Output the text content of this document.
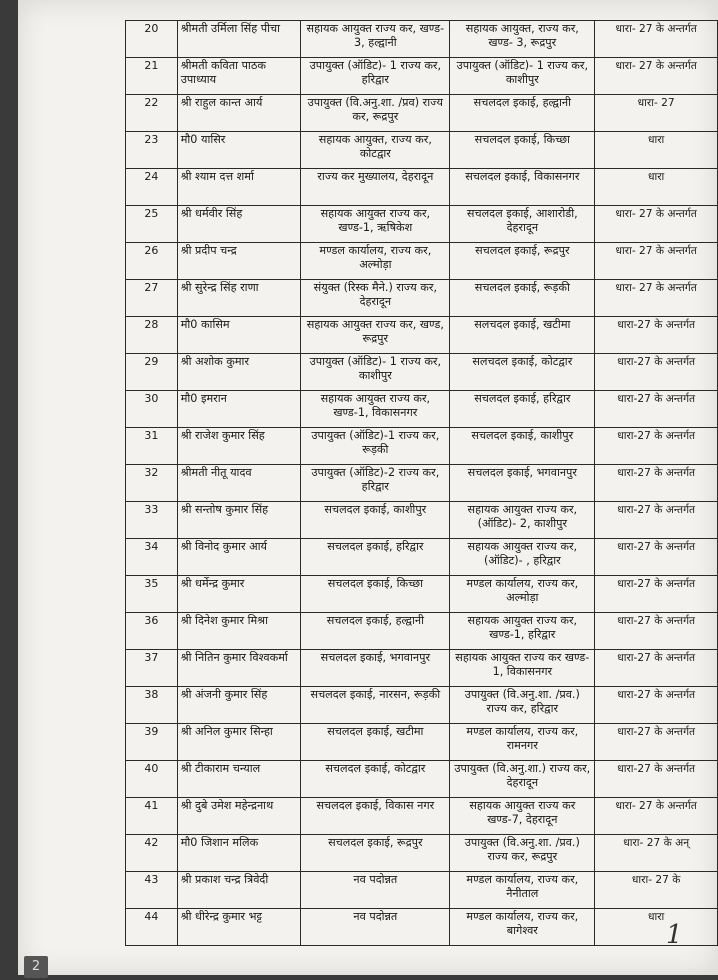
20	श्रीमती उर्मिला सिंह पीचा	सहायक आयुक्त राज्य कर, खण्ड- 3, हल्द्वानी	सहायक आयुक्त, राज्य कर, खण्ड- 3, रूद्रपुर	धारा- 27 के अन्तर्गत
21	श्रीमती कविता पाठक उपाध्याय	उपायुक्त (ऑडिट)- 1 राज्य कर, हरिद्वार	उपायुक्त (ऑडिट)- 1 राज्य कर, काशीपुर	धारा- 27 के अन्तर्गत
22	श्री राहुल कान्त आर्य	उपायुक्त (वि.अनु.शा. /प्रव) राज्य कर, रूद्रपुर	सचलदल इकाई, हल्द्वानी	धारा- 27
23	मौ0 यासिर	सहायक आयुक्त, राज्य कर, कोटद्वार	सचलदल इकाई, किच्छा	धारा
24	श्री श्याम दत्त शर्मा	राज्य कर मुख्यालय, देहरादून	सचलदल इकाई, विकासनगर	धारा
25	श्री धर्मवीर सिंह	सहायक आयुक्त राज्य कर, खण्ड-1, ऋषिकेश	सचलदल इकाई, आशारोडी, देहरादून	धारा- 27 के अन्तर्गत
26	श्री प्रदीप चन्द्र	मण्डल कार्यालय, राज्य कर, अल्मोड़ा	सचलदल इकाई, रूद्रपुर	धारा- 27 के अन्तर्गत
27	श्री सुरेन्द्र सिंह राणा	संयुक्त (रिस्क मैने.) राज्य कर, देहरादून	सचलदल इकाई, रूड़की	धारा- 27 के अन्तर्गत
28	मौ0 कासिम	सहायक आयुक्त राज्य कर, खण्ड, रूद्रपुर	सलचदल इकाई, खटीमा	धारा-27 के अन्तर्गत
29	श्री अशोक कुमार	उपायुक्त (ऑडिट)- 1 राज्य कर, काशीपुर	सलचदल इकाई, कोटद्वार	धारा-27 के अन्तर्गत
30	मौ0 इमरान	सहायक आयुक्त राज्य कर, खण्ड-1, विकासनगर	सचलदल इकाई, हरिद्वार	धारा-27 के अन्तर्गत
31	श्री राजेश कुमार सिंह	उपायुक्त (ऑडिट)-1 राज्य कर, रूड़की	सचलदल इकाई, काशीपुर	धारा-27 के अन्तर्गत
32	श्रीमती नीतू यादव	उपायुक्त (ऑडिट)-2 राज्य कर, हरिद्वार	सचलदल इकाई, भगवानपुर	धारा-27 के अन्तर्गत
33	श्री सन्तोष कुमार सिंह	सचलदल इकाई, काशीपुर	सहायक आयुक्त राज्य कर, (ऑडिट)- 2, काशीपुर	धारा-27 के अन्तर्गत
34	श्री विनोद कुमार आर्य	सचलदल इकाई, हरिद्वार	सहायक आयुक्त राज्य कर, (ऑडिट)- , हरिद्वार	धारा-27 के अन्तर्गत
35	श्री धर्मेन्द्र कुमार	सचलदल इकाई, किच्छा	मण्डल कार्यालय, राज्य कर, अल्मोड़ा	धारा-27 के अन्तर्गत
36	श्री दिनेश कुमार मिश्रा	सचलदल इकाई, हल्द्वानी	सहायक आयुक्त राज्य कर, खण्ड-1, हरिद्वार	धारा-27 के अन्तर्गत
37	श्री नितिन कुमार विश्वकर्मा	सचलदल इकाई, भगवानपुर	सहायक आयुक्त राज्य कर खण्ड- 1, विकासनगर	धारा-27 के अन्तर्गत
38	श्री अंजनी कुमार सिंह	सचलदल इकाई, नारसन, रूड़की	उपायुक्त (वि.अनु.शा. /प्रव.) राज्य कर, हरिद्वार	धारा-27 के अन्तर्गत
39	श्री अनिल कुमार सिन्हा	सचलदल इकाई, खटीमा	मण्डल कार्यालय, राज्य कर, रामनगर	धारा-27 के अन्तर्गत
40	श्री टीकाराम चन्याल	सचलदल इकाई, कोटद्वार	उपायुक्त (वि.अनु.शा.) राज्य कर, देहरादून	धारा-27 के अन्तर्गत
41	श्री दुबे उमेश महेन्द्रनाथ	सचलदल इकाई, विकास नगर	सहायक आयुक्त राज्य कर खण्ड-7, देहरादून	धारा- 27 के अन्तर्गत
42	मौ0 जिशान मलिक	सचलदल इकाई, रूद्रपुर	उपायुक्त (वि.अनु.शा. /प्रव.) राज्य कर, रूद्रपुर	धारा- 27 के अन्
43	श्री प्रकाश चन्द्र त्रिवेदी	नव पदोन्नत	मण्डल कार्यालय, राज्य कर, नैनीताल	धारा- 27 के
44	श्री धीरेन्द्र कुमार भट्ट	नव पदोन्नत	मण्डल कार्यालय, राज्य कर, बागेश्वर	धारा
1
2
